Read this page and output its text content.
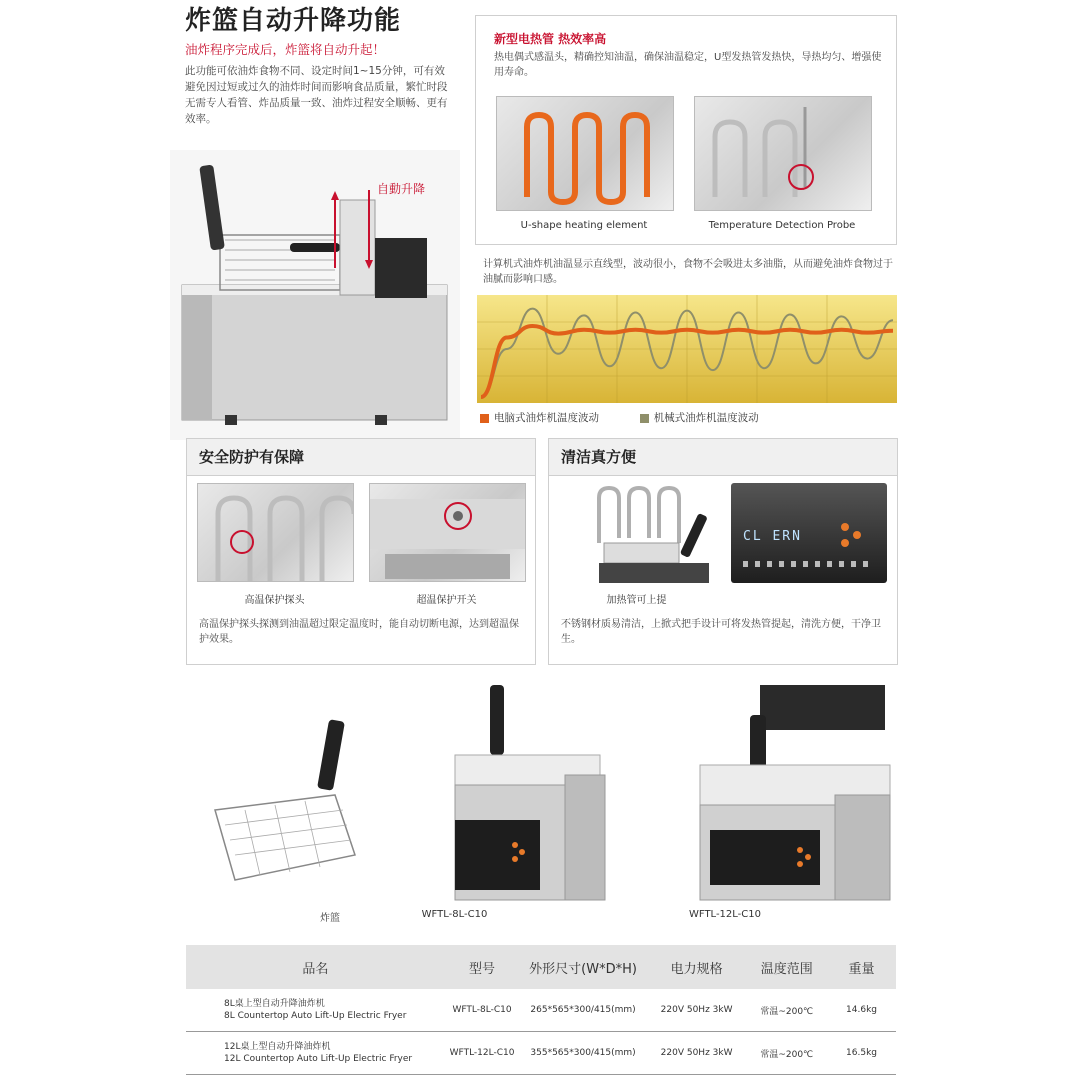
炸篮自动升降功能
油炸程序完成后，炸篮将自动升起！
此功能可依油炸食物不同、设定时间1~15分钟，可有效避免因过短或过久的油炸时间而影响食品质量，繁忙时段无需专人看管、炸品质量一致、油炸过程安全顺畅、更有效率。
自動升降
新型电热管 热效率高
热电偶式感温头，精确控知油温，确保油温稳定，U型发热管发热快，导热均匀、增强使用寿命。
U-shape heating element	Temperature Detection Probe
计算机式油炸机油温显示直线型，波动很小，食物不会吸进太多油脂，从而避免油炸食物过于油腻而影响口感。
电脑式油炸机温度波动	机械式油炸机温度波动
安全防护有保障
高温保护探头	超温保护开关
高温保护探头探测到油温超过限定温度时，能自动切断电源，达到超温保护效果。
清洁真方便
CL ERN
加热管可上提
不锈钢材质易清洁，上掀式把手设计可将发热管提起，清洗方便，干净卫生。
炸篮	WFTL-8L-C10	WFTL-12L-C10
品名	型号	外形尺寸(W*D*H)	电力规格	温度范围	重量
8L桌上型自动升降油炸机
8L Countertop Auto Lift-Up Electric Fryer	WFTL-8L-C10	265*565*300/415(mm)	220V 50Hz 3kW	常温~200℃	14.6kg
12L桌上型自动升降油炸机
12L Countertop Auto Lift-Up Electric Fryer	WFTL-12L-C10	355*565*300/415(mm)	220V 50Hz 3kW	常温~200℃	16.5kg
